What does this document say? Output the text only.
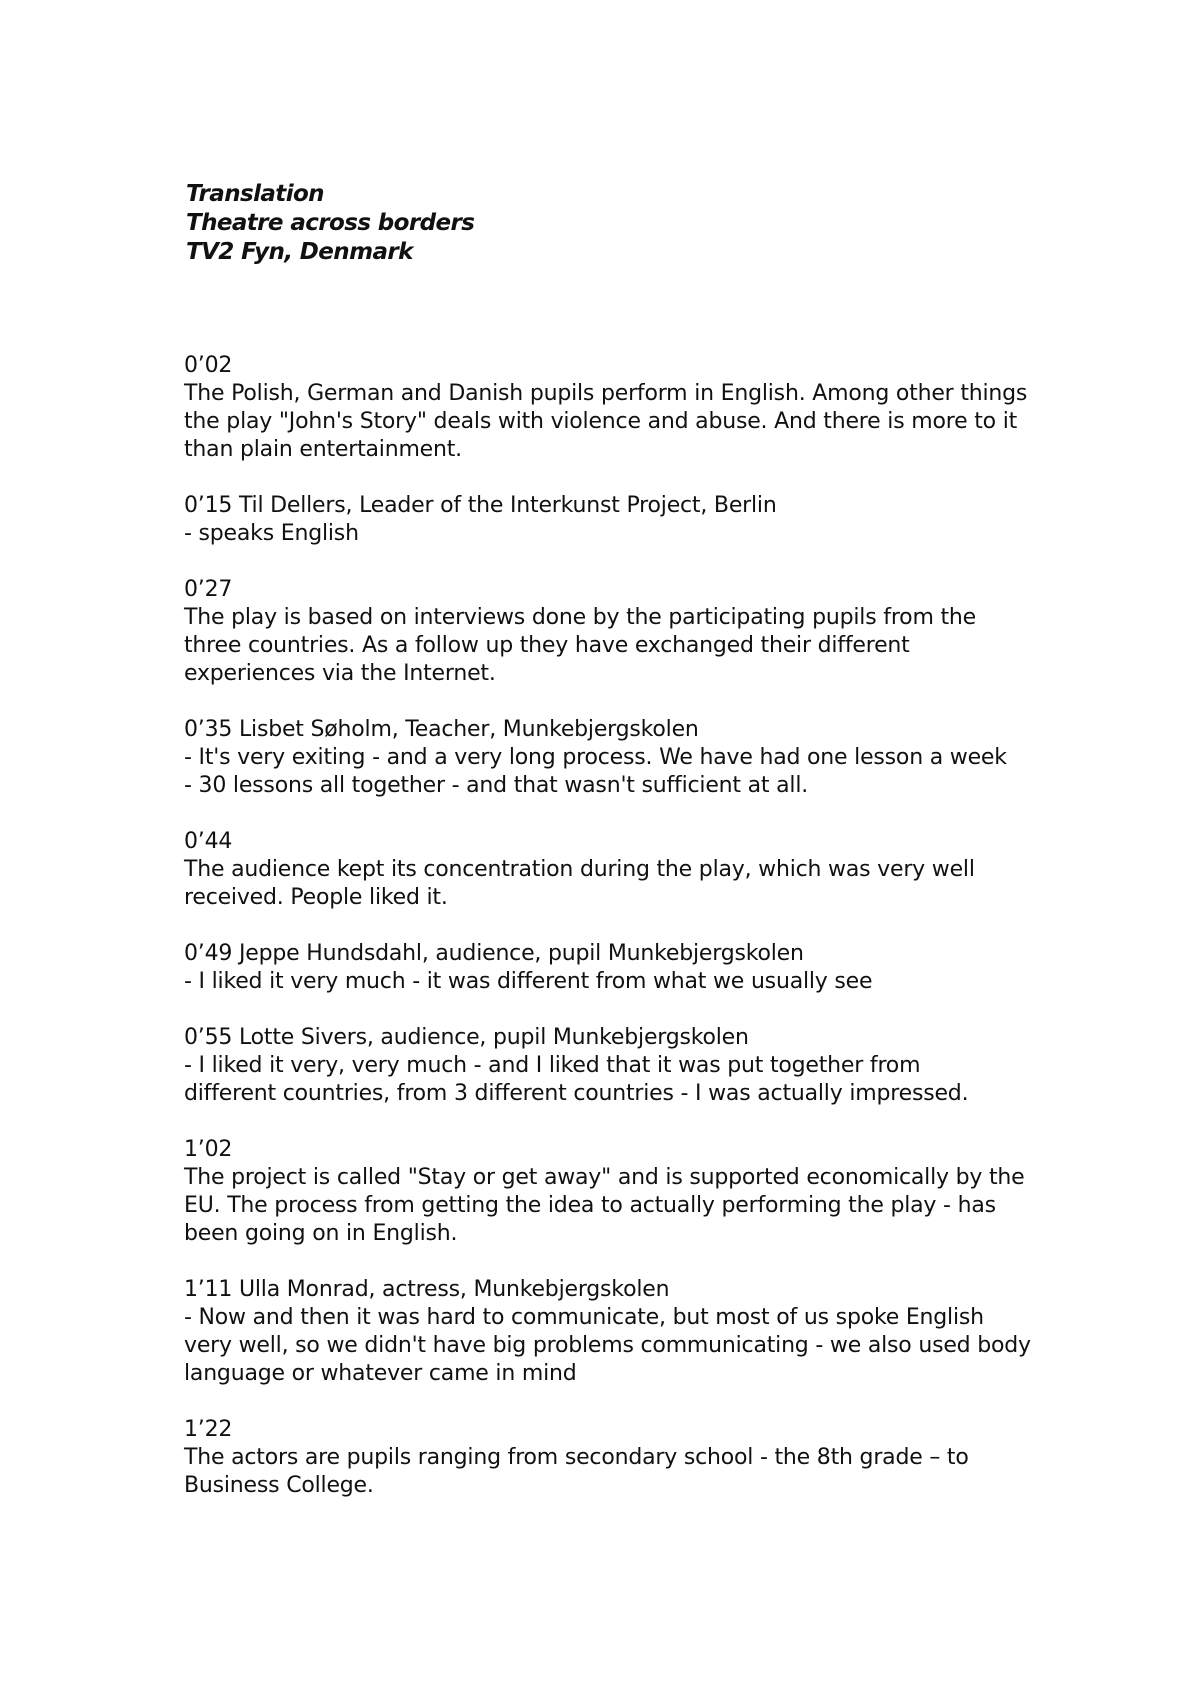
Translation
Theatre across borders
TV2 Fyn, Denmark
0’02
The Polish, German and Danish pupils perform in English. Among other things
the play "John's Story" deals with violence and abuse. And there is more to it
than plain entertainment.
0’15 Til Dellers, Leader of the Interkunst Project, Berlin
- speaks English
0’27
The play is based on interviews done by the participating pupils from the
three countries. As a follow up they have exchanged their different
experiences via the Internet.
0’35 Lisbet Søholm, Teacher, Munkebjergskolen
- It's very exiting - and a very long process. We have had one lesson a week
- 30 lessons all together - and that wasn't sufficient at all.
0’44
The audience kept its concentration during the play, which was very well
received. People liked it.
0’49 Jeppe Hundsdahl, audience, pupil Munkebjergskolen
- I liked it very much - it was different from what we usually see
0’55 Lotte Sivers, audience, pupil Munkebjergskolen
- I liked it very, very much - and I liked that it was put together from
different countries, from 3 different countries - I was actually impressed.
1’02
The project is called "Stay or get away" and is supported economically by the
EU. The process from getting the idea to actually performing the play - has
been going on in English.
1’11 Ulla Monrad, actress, Munkebjergskolen
- Now and then it was hard to communicate, but most of us spoke English
very well, so we didn't have big problems communicating - we also used body
language or whatever came in mind
1’22
The actors are pupils ranging from secondary school - the 8th grade – to
Business College.
